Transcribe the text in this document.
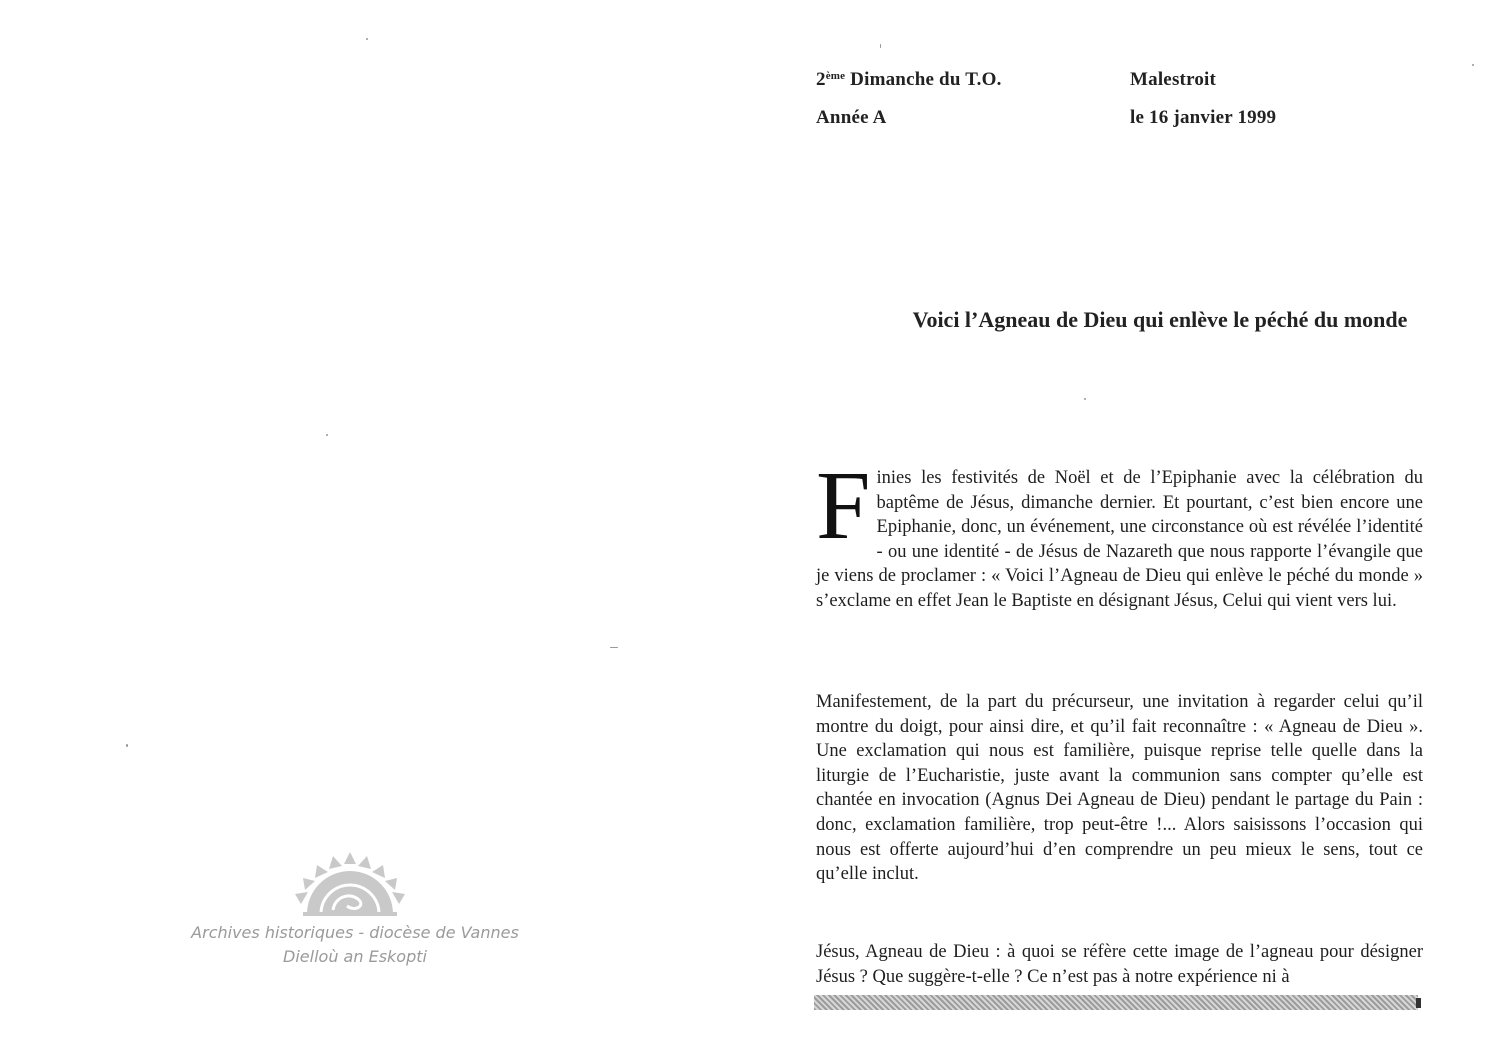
Archives historiques - diocèse de Vannes
Diellоù an Eskopti
2ème Dimanche du T.O.
Année A
Malestroit
le 16 janvier 1999
Voici l’Agneau de Dieu qui enlève le péché du monde

Finies les festivités de Noël et de l’Epiphanie avec la célébration du baptême de Jésus, dimanche dernier. Et pourtant, c’est bien encore une Epiphanie, donc, un événement, une circonstance où est révélée l’identité - ou une identité - de Jésus de Nazareth que nous rapporte l’évangile que je viens de proclamer : « Voici l’Agneau de Dieu qui enlève le péché du monde » s’exclame en effet Jean le Baptiste en désignant Jésus, Celui qui vient vers lui.

Manifestement, de la part du précurseur, une invitation à regarder celui qu’il montre du doigt, pour ainsi dire, et qu’il fait reconnaître : « Agneau de Dieu ». Une exclamation qui nous est familière, puisque reprise telle quelle dans la liturgie de l’Eucharistie, juste avant la communion sans compter qu’elle est chantée en invocation (Agnus Dei Agneau de Dieu) pendant le partage du Pain : donc, exclamation familière, trop peut-être !... Alors saisissons l’occasion qui nous est offerte aujourd’hui d’en comprendre un peu mieux le sens, tout ce qu’elle inclut.

Jésus, Agneau de Dieu : à quoi se réfère cette image de l’agneau pour désigner Jésus ? Que suggère-t-elle ? Ce n’est pas à notre expérience ni à
